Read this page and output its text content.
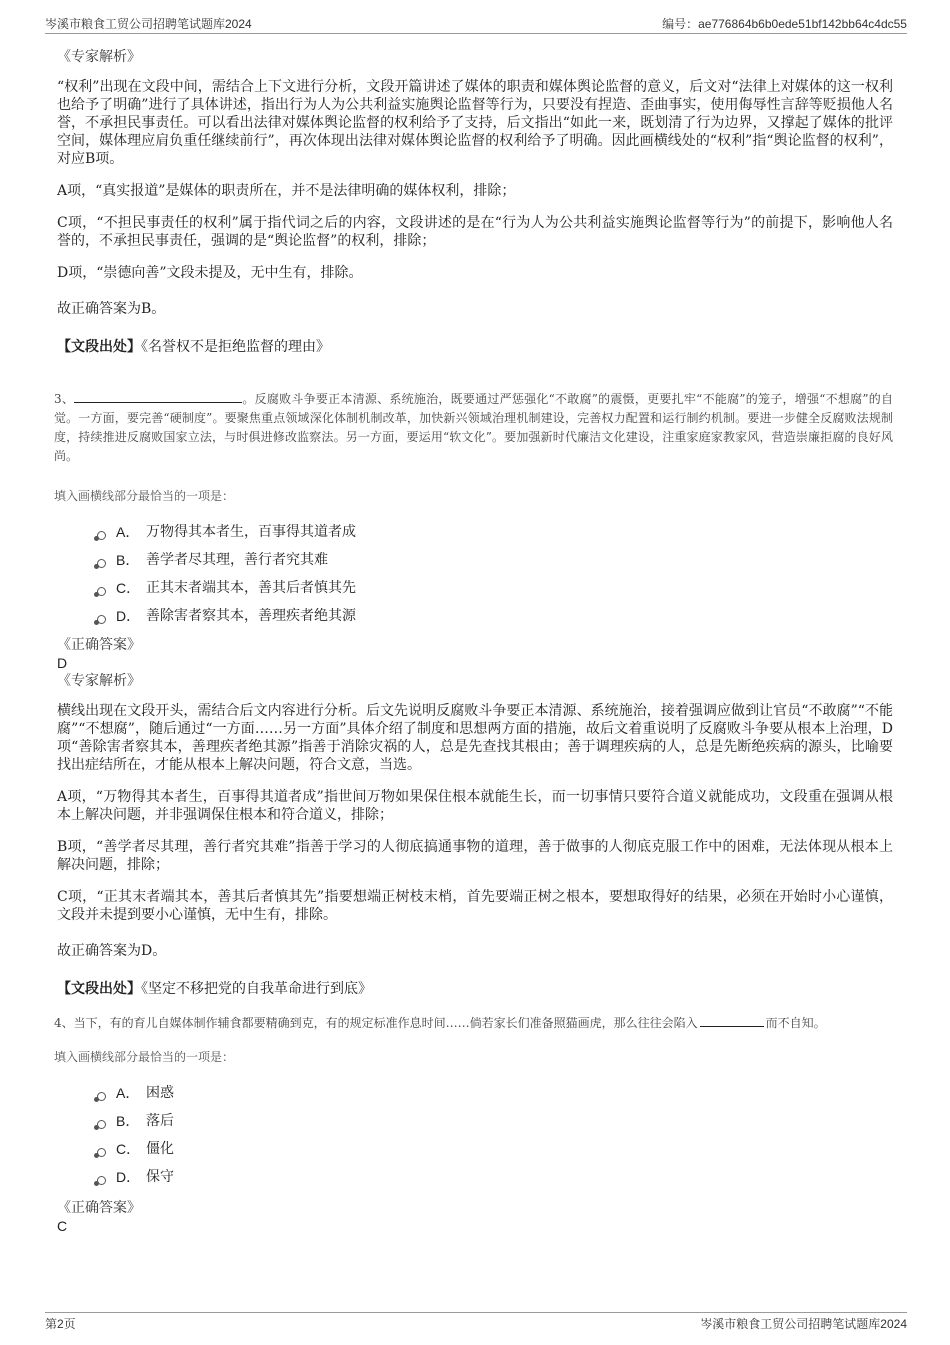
岑溪市粮食工贸公司招聘笔试题库2024	编号：ae776864b6b0ede51bf142bb64c4dc55
《专家解析》
“权利”出现在文段中间，需结合上下文进行分析，文段开篇讲述了媒体的职责和媒体舆论监督的意义，后文对“法律上对媒体的这一权利也给予了明确”进行了具体讲述，指出行为人为公共利益实施舆论监督等行为，只要没有捏造、歪曲事实，使用侮辱性言辞等贬损他人名誉，不承担民事责任。可以看出法律对媒体舆论监督的权利给予了支持，后文指出“如此一来，既划清了行为边界，又撑起了媒体的批评空间，媒体理应肩负重任继续前行”，再次体现出法律对媒体舆论监督的权利给予了明确。因此画横线处的“权利”指“舆论监督的权利”，对应B项。
A项，“真实报道”是媒体的职责所在，并不是法律明确的媒体权利，排除；
C项，“不担民事责任的权利”属于指代词之后的内容，文段讲述的是在“行为人为公共利益实施舆论监督等行为”的前提下，影响他人名誉的，不承担民事责任，强调的是“舆论监督”的权利，排除；
D项，“崇德向善”文段未提及，无中生有，排除。
故正确答案为B。
【文段出处】《名誉权不是拒绝监督的理由》
3、	。反腐败斗争要正本清源、系统施治，既要通过严惩强化“不敢腐”的震慑，更要扎牢“不能腐”的笼子，增强“不想腐”的自觉。一方面，要完善“硬制度”。要聚焦重点领域深化体制机制改革，加快新兴领域治理机制建设，完善权力配置和运行制约机制。要进一步健全反腐败法规制度，持续推进反腐败国家立法，与时俱进修改监察法。另一方面，要运用“软文化”。要加强新时代廉洁文化建设，注重家庭家教家风，营造崇廉拒腐的良好风尚。
填入画横线部分最恰当的一项是：
A． 万物得其本者生，百事得其道者成
B． 善学者尽其理，善行者究其难
C． 正其末者端其本，善其后者慎其先
D． 善除害者察其本，善理疾者绝其源
《正确答案》
D
《专家解析》
横线出现在文段开头，需结合后文内容进行分析。后文先说明反腐败斗争要正本清源、系统施治，接着强调应做到让官员“不敢腐”“不能腐”“不想腐”，随后通过“一方面……另一方面”具体介绍了制度和思想两方面的措施，故后文着重说明了反腐败斗争要从根本上治理，D项“善除害者察其本，善理疾者绝其源”指善于消除灾祸的人，总是先查找其根由；善于调理疾病的人，总是先断绝疾病的源头，比喻要找出症结所在，才能从根本上解决问题，符合文意，当选。
A项，“万物得其本者生，百事得其道者成”指世间万物如果保住根本就能生长，而一切事情只要符合道义就能成功，文段重在强调从根本上解决问题，并非强调保住根本和符合道义，排除；
B项，“善学者尽其理，善行者究其难”指善于学习的人彻底搞通事物的道理，善于做事的人彻底克服工作中的困难，无法体现从根本上解决问题，排除；
C项，“正其末者端其本，善其后者慎其先”指要想端正树枝末梢，首先要端正树之根本，要想取得好的结果，必须在开始时小心谨慎，文段并未提到要小心谨慎，无中生有，排除。
故正确答案为D。
【文段出处】《坚定不移把党的自我革命进行到底》
4、当下，有的育儿自媒体制作辅食都要精确到克，有的规定标准作息时间……倘若家长们准备照猫画虎，那么往往会陷入	而不自知。
填入画横线部分最恰当的一项是：
A． 困惑
B． 落后
C． 僵化
D． 保守
《正确答案》
C
第2页	岑溪市粮食工贸公司招聘笔试题库2024
